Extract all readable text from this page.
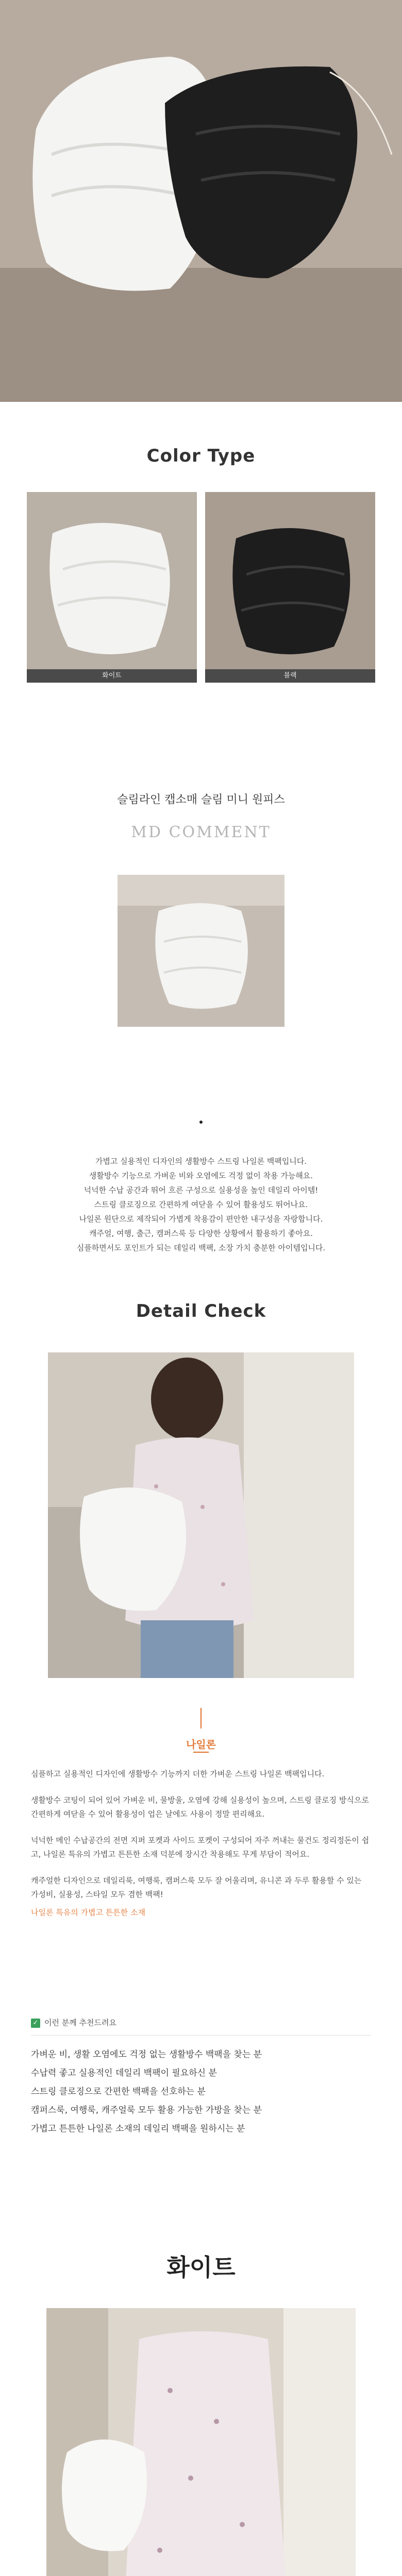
Color Type
화이트	블랙
슬림라인 캡소매 슬림 미니 원피스
MD COMMENT
가볍고 실용적인 디자인의 생활방수 스트링 나일론 백팩입니다.
생활방수 기능으로 가벼운 비와 오염에도 걱정 없이 착용 가능해요.
넉넉한 수납 공간과 뛰어 흐른 구성으로 실용성을 높인 데일리 아이템!
스트링 클로징으로 간편하게 여닫을 수 있어 활용성도 뛰어나요.
나일론 원단으로 제작되어 가볍게 착용감이 편안한 내구성을 자랑합니다.
캐주얼, 여행, 출근, 캠퍼스룩 등 다양한 상황에서 활용하기 좋아요.
심플하면서도 포인트가 되는 데일리 백팩, 소장 가치 충분한 아이템입니다.
Detail Check
나일론
심플하고 실용적인 디자인에 생활방수 기능까지 더한 가벼운 스트링 나일론 백팩입니다.
생활방수 코팅이 되어 있어 가벼운 비, 물방울, 오염에 강해 실용성이 높으며, 스트링 클로징 방식으로 간편하게 여닫을 수 있어 활용성이 업은 날에도 사용이 정말 편리해요.
넉넉한 메인 수납공간의 전면 지퍼 포켓과 사이드 포켓이 구성되어 자주 꺼내는 물건도 정리정돈이 쉽고, 나일론 특유의 가볍고 튼튼한 소재 덕분에 장시간 착용해도 무게 부담이 적어요.
캐주얼한 디자인으로 데일리룩, 여행룩, 캠퍼스룩 모두 잘 어울리며, 유니콘 과 두루 활용할 수 있는 가성비, 실용성, 스타일 모두 겸한 백팩!
나일론 특유의 가볍고 튼튼한 소재
✓ 이런 분께 추천드려요
가벼운 비, 생활 오염에도 걱정 없는 생활방수 백팩을 찾는 분
수납력 좋고 실용적인 데일리 백팩이 필요하신 분
스트링 클로징으로 간편한 백팩을 선호하는 분
캠퍼스룩, 여행룩, 캐주얼룩 모두 활용 가능한 가방을 찾는 분
가볍고 튼튼한 나일론 소재의 데일리 백팩을 원하시는 분
화이트
